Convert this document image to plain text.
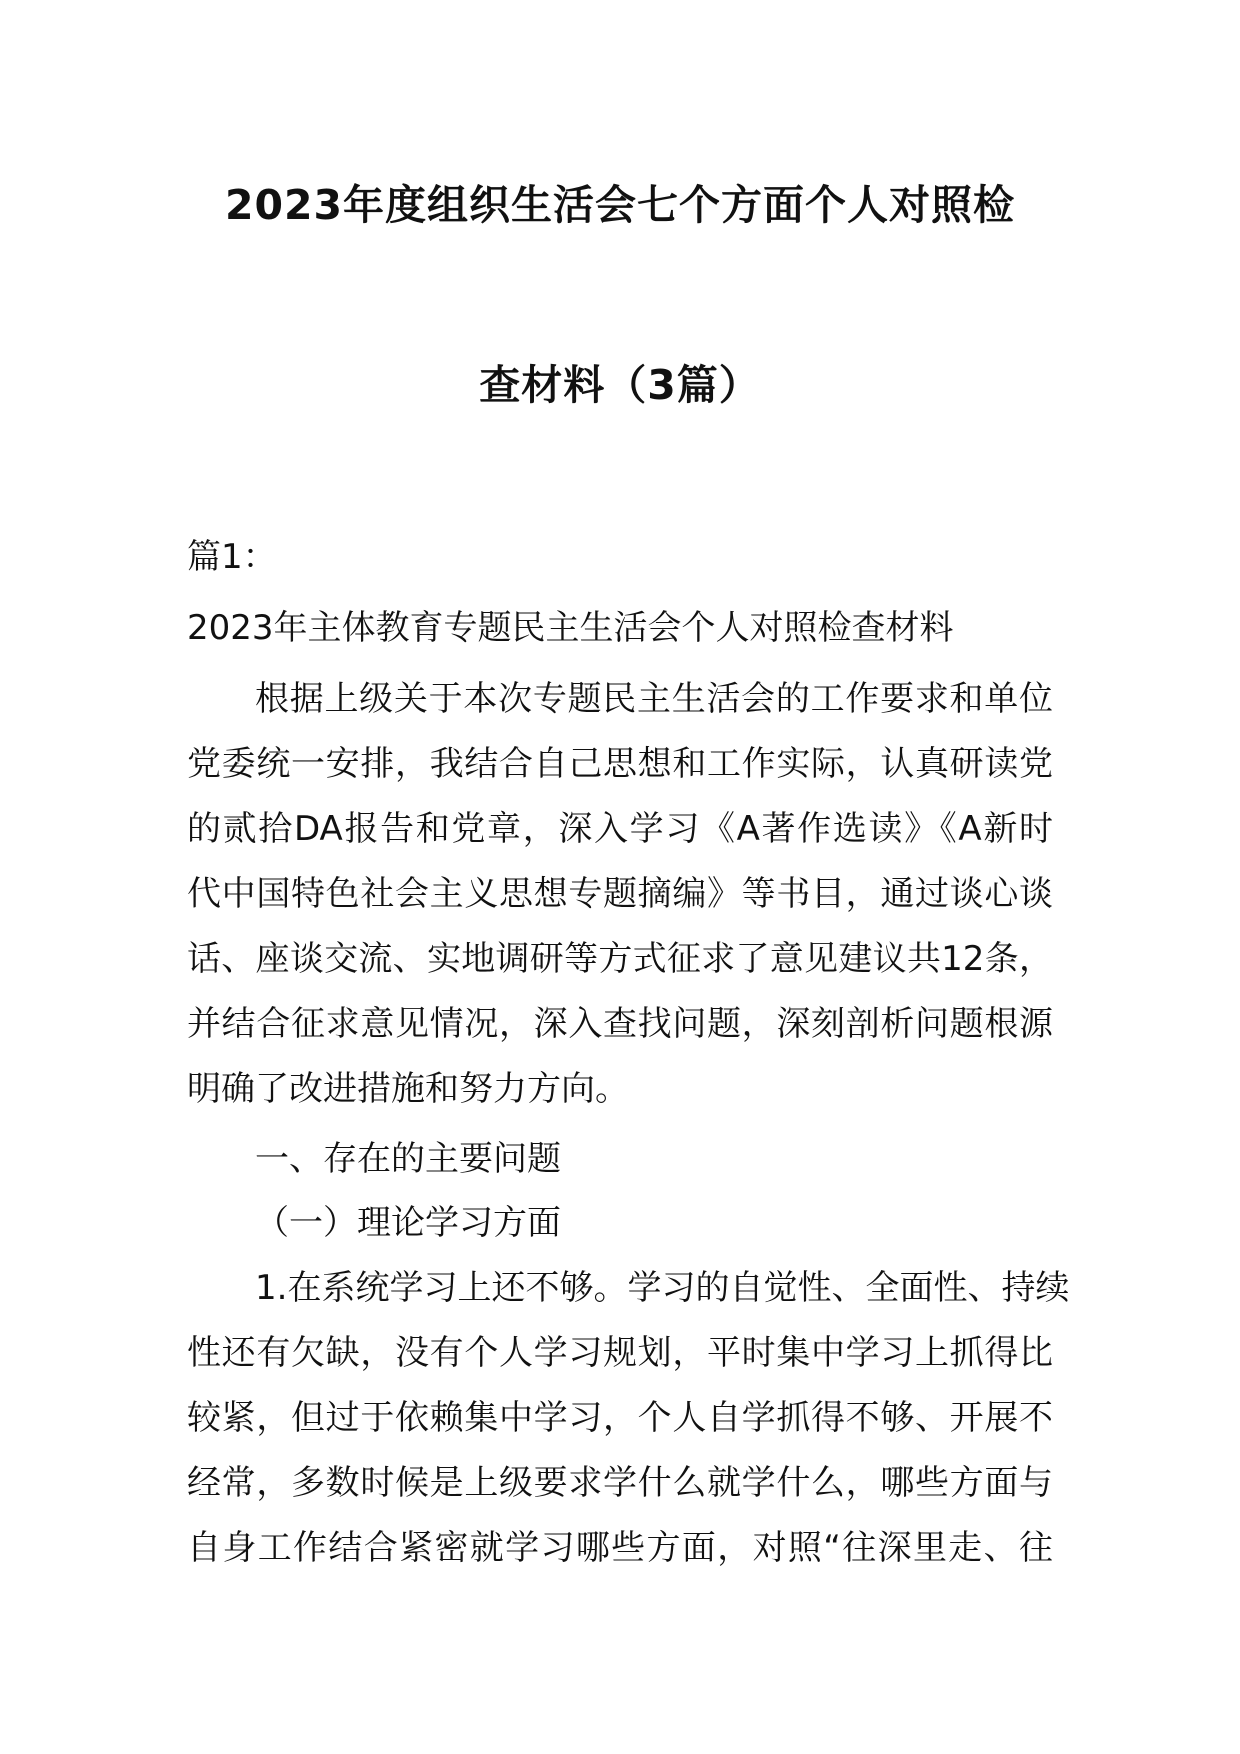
2023年度组织生活会七个方面个人对照检
查材料（3篇）
篇1：
2023年主体教育专题民主生活会个人对照检查材料
根据上级关于本次专题民主生活会的工作要求和单位
党委统一安排，我结合自己思想和工作实际，认真研读党
的贰拾DA报告和党章，深入学习《A著作选读》《A新时
代中国特色社会主义思想专题摘编》等书目，通过谈心谈
话、座谈交流、实地调研等方式征求了意见建议共12条，
并结合征求意见情况，深入查找问题，深刻剖析问题根源
明确了改进措施和努力方向。
一、存在的主要问题
（一）理论学习方面
1.在系统学习上还不够。学习的自觉性、全面性、持续
性还有欠缺，没有个人学习规划，平时集中学习上抓得比
较紧，但过于依赖集中学习，个人自学抓得不够、开展不
经常，多数时候是上级要求学什么就学什么，哪些方面与
自身工作结合紧密就学习哪些方面，对照“往深里走、往
